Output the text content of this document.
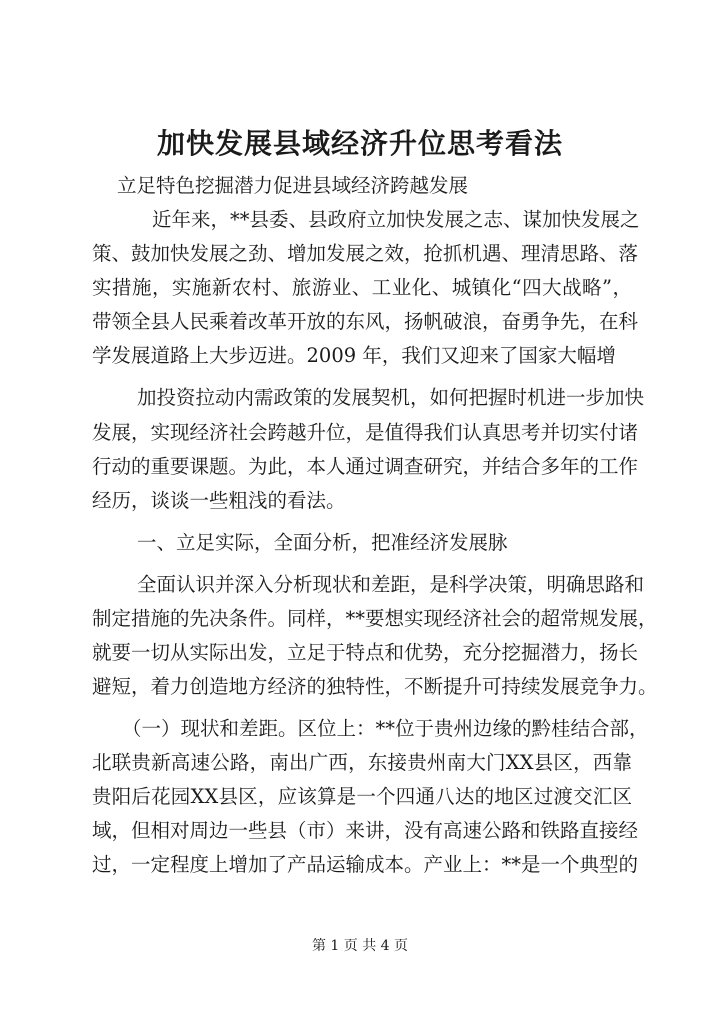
加快发展县域经济升位思考看法
立足特色挖掘潜力促进县域经济跨越发展
近年来，**县委、县政府立加快发展之志、谋加快发展之
策、鼓加快发展之劲、增加发展之效，抢抓机遇、理清思路、落
实措施，实施新农村、旅游业、工业化、城镇化“四大战略”，
带领全县人民乘着改革开放的东风，扬帆破浪，奋勇争先，在科
学发展道路上大步迈进。2009 年，我们又迎来了国家大幅增
加投资拉动内需政策的发展契机，如何把握时机进一步加快
发展，实现经济社会跨越升位，是值得我们认真思考并切实付诸
行动的重要课题。为此，本人通过调查研究，并结合多年的工作
经历，谈谈一些粗浅的看法。
一、立足实际，全面分析，把准经济发展脉
全面认识并深入分析现状和差距，是科学决策，明确思路和
制定措施的先决条件。同样，**要想实现经济社会的超常规发展，
就要一切从实际出发，立足于特点和优势，充分挖掘潜力，扬长
避短，着力创造地方经济的独特性，不断提升可持续发展竞争力。
（一）现状和差距。区位上：**位于贵州边缘的黔桂结合部，
北联贵新高速公路，南出广西，东接贵州南大门XX县区，西靠
贵阳后花园XX县区，应该算是一个四通八达的地区过渡交汇区
域，但相对周边一些县（市）来讲，没有高速公路和铁路直接经
过，一定程度上增加了产品运输成本。产业上：**是一个典型的
第 1 页 共 4 页
